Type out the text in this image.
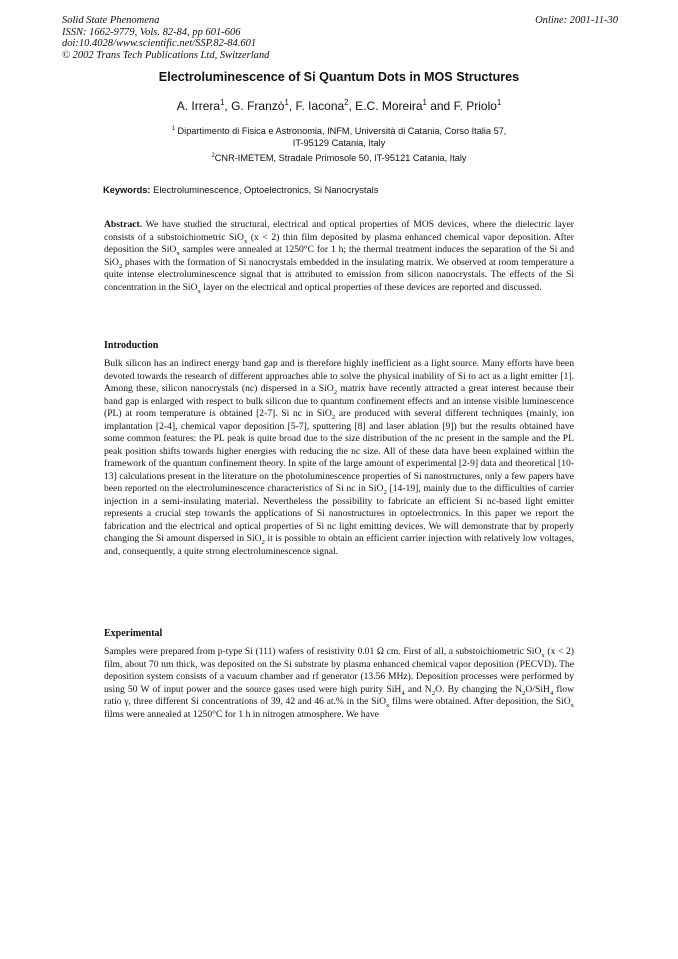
Solid State Phenomena
ISSN: 1662-9779, Vols. 82-84, pp 601-606
doi:10.4028/www.scientific.net/SSP.82-84.601
© 2002 Trans Tech Publications Ltd, Switzerland
Online: 2001-11-30
Electroluminescence of Si Quantum Dots in MOS Structures
A. Irrera$^1$, G. Franzò$^1$, F. Iacona$^2$, E.C. Moreira$^1$ and F. Priolo$^1$
$^1$ Dipartimento di Fisica e Astronomia, INFM, Università di Catania, Corso Italia 57,
IT-95129 Catania, Italy
$^2$CNR-IMETEM, Stradale Primosole 50, IT-95121 Catania, Italy
Keywords: Electroluminescence, Optoelectronics, Si Nanocrystals
Abstract. We have studied the structural, electrical and optical properties of MOS devices, where the dielectric layer consists of a substoichiometric SiO$_x$ (x < 2) thin film deposited by plasma enhanced chemical vapor deposition. After deposition the SiO$_x$ samples were annealed at 1250°C for 1 h; the thermal treatment induces the separation of the Si and SiO$_2$ phases with the formation of Si nanocrystals embedded in the insulating matrix. We observed at room temperature a quite intense electroluminescence signal that is attributed to emission from silicon nanocrystals. The effects of the Si concentration in the SiO$_x$ layer on the electrical and optical properties of these devices are reported and discussed.
Introduction
Bulk silicon has an indirect energy band gap and is therefore highly inefficient as a light source. Many efforts have been devoted towards the research of different approaches able to solve the physical inability of Si to act as a light emitter [1]. Among these, silicon nanocrystals (nc) dispersed in a SiO$_2$ matrix have recently attracted a great interest because their band gap is enlarged with respect to bulk silicon due to quantum confinement effects and an intense visible luminescence (PL) at room temperature is obtained [2-7]. Si nc in SiO$_2$ are produced with several different techniques (mainly, ion implantation [2-4], chemical vapor deposition [5-7], sputtering [8] and laser ablation [9]) but the results obtained have some common features: the PL peak is quite broad due to the size distribution of the nc present in the sample and the PL peak position shifts towards higher energies with reducing the nc size. All of these data have been explained within the framework of the quantum confinement theory. In spite of the large amount of experimental [2-9] data and theoretical [10-13] calculations present in the literature on the photoluminescence properties of Si nanostructures, only a few papers have been reported on the electroluminescence characteristics of Si nc in SiO$_2$ [14-19], mainly due to the difficulties of carrier injection in a semi-insulating material. Nevertheless the possibility to fabricate an efficient Si nc-based light emitter represents a crucial step towards the applications of Si nanostructures in optoelectronics. In this paper we report the fabrication and the electrical and optical properties of Si nc light emitting devices. We will demonstrate that by properly changing the Si amount dispersed in SiO$_2$ it is possible to obtain an efficient carrier injection with relatively low voltages, and, consequently, a quite strong electroluminescence signal.
Experimental
Samples were prepared from p-type Si (111) wafers of resistivity 0.01 Ω cm. First of all, a substoichiometric SiO$_x$ (x < 2) film, about 70 nm thick, was deposited on the Si substrate by plasma enhanced chemical vapor deposition (PECVD). The deposition system consists of a vacuum chamber and rf generator (13.56 MHz). Deposition processes were performed by using 50 W of input power and the source gases used were high purity SiH$_4$ and $N_2O$. By changing the $N_2O/SiH_4$ flow ratio γ, three different Si concentrations of 39, 42 and 46 at.% in the SiO$_x$ films were obtained. After deposition, the SiO$_x$ films were annealed at 1250°C for 1 h in nitrogen atmosphere. We have
